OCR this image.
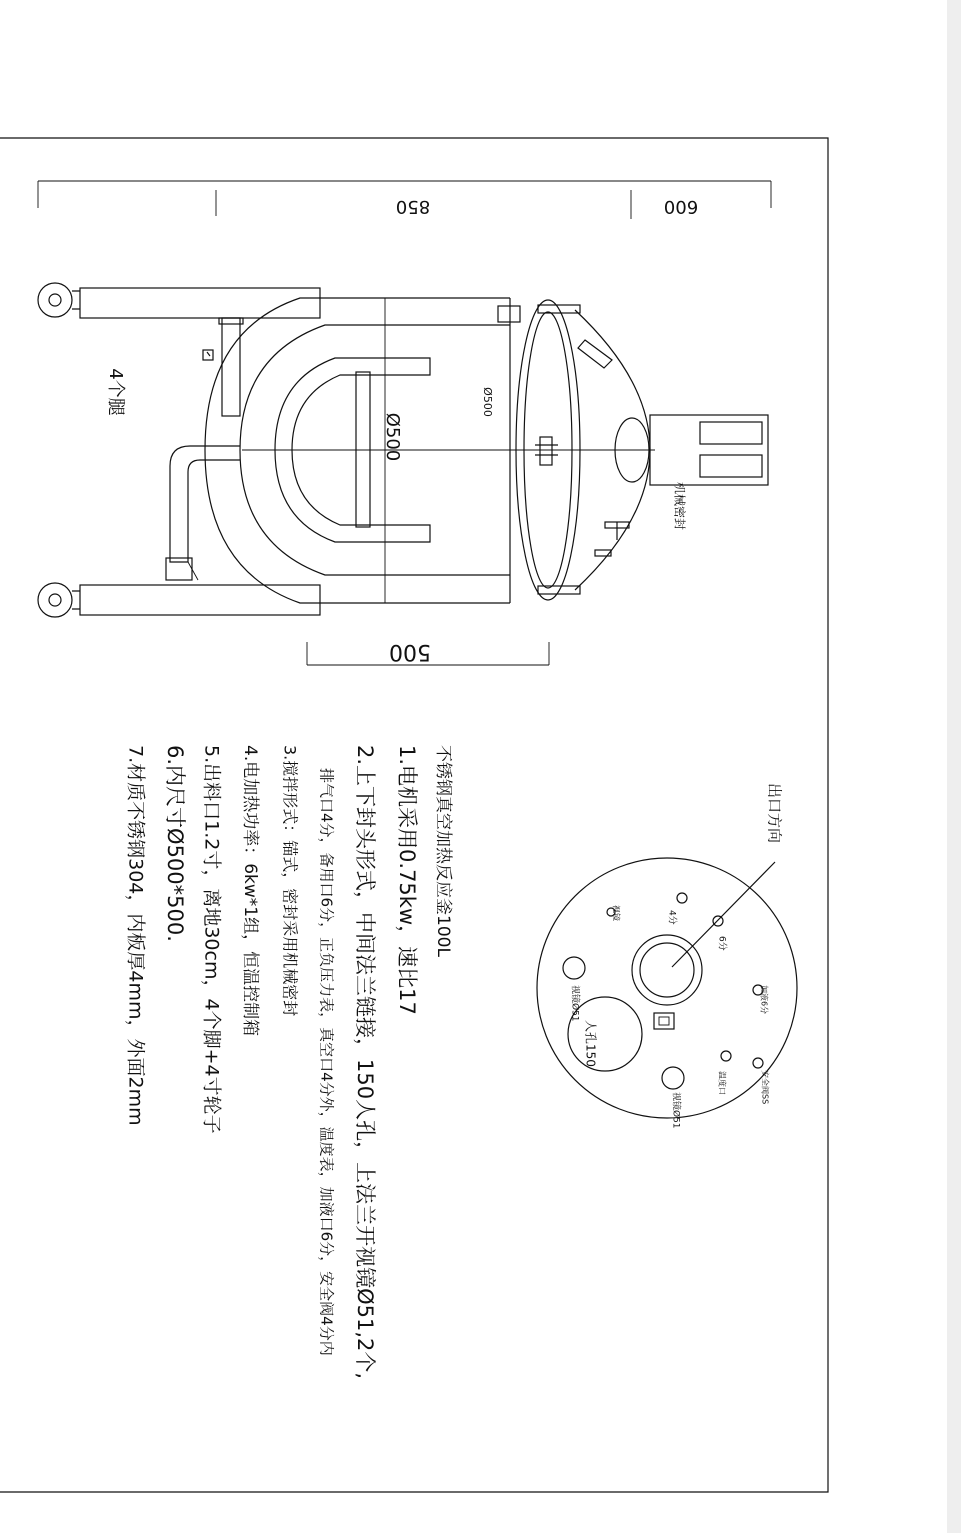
850	600
Ø500
Ø500
4个腿
机械密封
500
不锈钢真空加热反应釜100L
1.电机采用0.75kw，速比17
2.上下封头形式，中间法兰链接，150人孔，上法兰开视镜Ø51,2个,
排气口4分，备用口6分，正负压力表，真空口4分外，温度表，加液口6分，安全阀4分内
3.搅拌形式：锚式，密封采用机械密封
4.电加热功率：6kw*1组，恒温控制箱
5.出料口1.2寸，离地30cm，4个脚+4寸轮子
6.内尺寸Ø500*500.
7.材质不锈钢304，内板厚4mm，外面2mm	出口方向
4分
6分
视镜
视镜Ø51
人孔150
加液6分
温度口	安全阀SS
视镜Ø51
